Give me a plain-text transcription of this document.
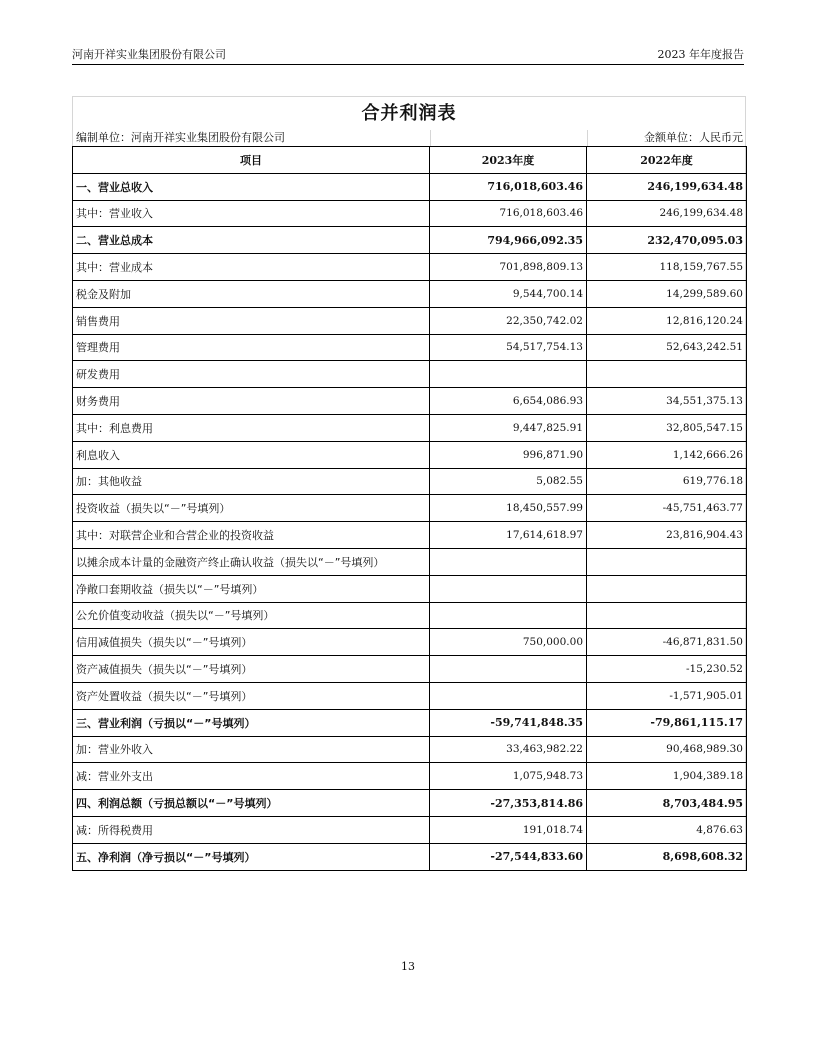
河南开祥实业集团股份有限公司	2023 年年度报告
合并利润表
编制单位：河南开祥实业集团股份有限公司	金额单位：人民币元
项目	2023年度	2022年度
一、营业总收入	716,018,603.46	246,199,634.48
其中：营业收入	716,018,603.46	246,199,634.48
二、营业总成本	794,966,092.35	232,470,095.03
其中：营业成本	701,898,809.13	118,159,767.55
税金及附加	9,544,700.14	14,299,589.60
销售费用	22,350,742.02	12,816,120.24
管理费用	54,517,754.13	52,643,242.51
研发费用		
财务费用	6,654,086.93	34,551,375.13
其中：利息费用	9,447,825.91	32,805,547.15
利息收入	996,871.90	1,142,666.26
加：其他收益	5,082.55	619,776.18
投资收益（损失以“－”号填列）	18,450,557.99	-45,751,463.77
其中：对联营企业和合营企业的投资收益	17,614,618.97	23,816,904.43
以摊余成本计量的金融资产终止确认收益（损失以“－”号填列）		
净敞口套期收益（损失以“－”号填列）		
公允价值变动收益（损失以“－”号填列）		
信用减值损失（损失以“－”号填列）	750,000.00	-46,871,831.50
资产减值损失（损失以“－”号填列）		-15,230.52
资产处置收益（损失以“－”号填列）		-1,571,905.01
三、营业利润（亏损以“－”号填列）	-59,741,848.35	-79,861,115.17
加：营业外收入	33,463,982.22	90,468,989.30
减：营业外支出	1,075,948.73	1,904,389.18
四、利润总额（亏损总额以“－”号填列）	-27,353,814.86	8,703,484.95
减：所得税费用	191,018.74	4,876.63
五、净利润（净亏损以“－”号填列）	-27,544,833.60	8,698,608.32
13
